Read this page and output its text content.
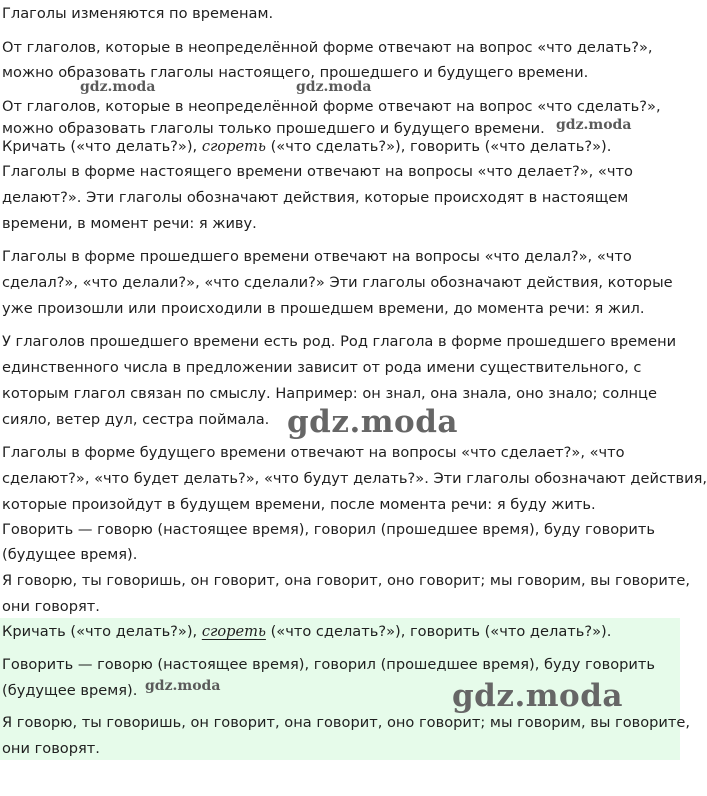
Глаголы изменяются по временам.
От глаголов, которые в неопределённой форме отвечают на вопрос «что делать?»,
можно образовать глаголы настоящего, прошедшего и будущего времени.
От глаголов, которые в неопределённой форме отвечают на вопрос «что сделать?»,
можно образовать глаголы только прошедшего и будущего времени.
Кричать («что делать?»), сгореть («что сделать?»), говорить («что делать?»).
Глаголы в форме настоящего времени отвечают на вопросы «что делает?», «что
делают?». Эти глаголы обозначают действия, которые происходят в настоящем
времени, в момент речи: я живу.
Глаголы в форме прошедшего времени отвечают на вопросы «что делал?», «что
сделал?», «что делали?», «что сделали?» Эти глаголы обозначают действия, которые
уже произошли или происходили в прошедшем времени, до момента речи: я жил.
У глаголов прошедшего времени есть род. Род глагола в форме прошедшего времени
единственного числа в предложении зависит от рода имени существительного, с
которым глагол связан по смыслу. Например: он знал, она знала, оно знало; солнце
сияло, ветер дул, сестра поймала.
Глаголы в форме будущего времени отвечают на вопросы «что сделает?», «что
сделают?», «что будет делать?», «что будут делать?». Эти глаголы обозначают действия,
которые произойдут в будущем времени, после момента речи: я буду жить.
Говорить — говорю (настоящее время), говорил (прошедшее время), буду говорить
(будущее время).
Я говорю, ты говоришь, он говорит, она говорит, оно говорит; мы говорим, вы говорите,
они говорят.
Кричать («что делать?»), сгореть («что сделать?»), говорить («что делать?»).
Говорить — говорю (настоящее время), говорил (прошедшее время), буду говорить
(будущее время).
Я говорю, ты говоришь, он говорит, она говорит, оно говорит; мы говорим, вы говорите,
они говорят.
gdz.moda	gdz.moda
gdz.moda
gdz.moda
gdz.moda	gdz.moda
